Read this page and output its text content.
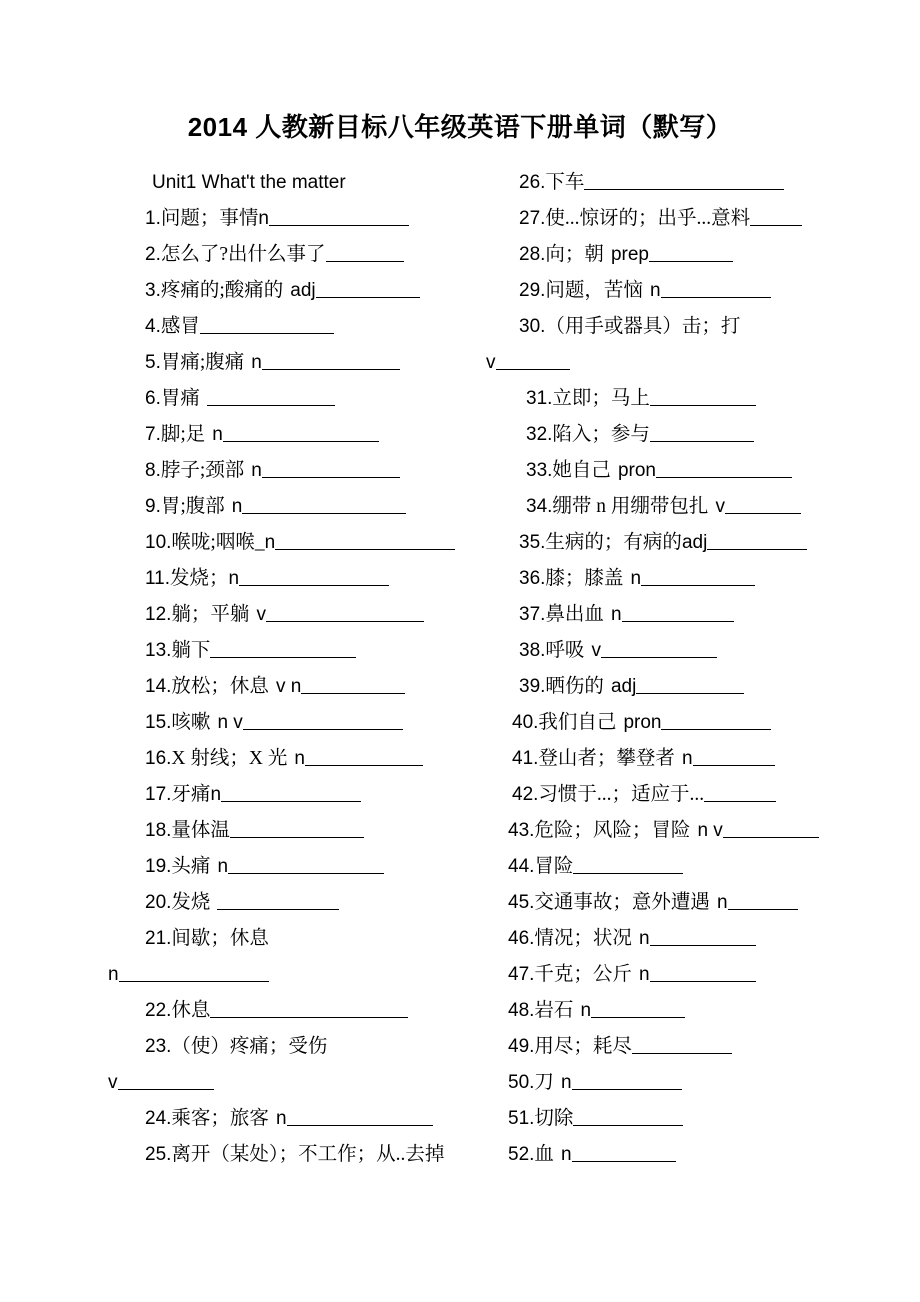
2014 人教新目标八年级英语下册单词（默写）
Unit1 What't the matter
1.问题；事情n
2.怎么了?出什么事了
3.疼痛的;酸痛的 adj
4.感冒
5.胃痛;腹痛 n
6.胃痛
7.脚;足 n
8.脖子;颈部 n
9.胃;腹部 n
10.喉咙;咽喉_n
11.发烧；n
12.躺；平躺 v
13.躺下
14.放松；休息 v n
15.咳嗽 n v
16.X 射线；X 光 n
17.牙痛n
18.量体温
19.头痛 n
20.发烧
21.间歇；休息
n
22.休息
23.（使）疼痛；受伤
v
24.乘客；旅客 n
25.离开（某处）；不工作；从..去掉
26.下车
27.使...惊讶的；出乎...意料
28.向；朝 prep
29.问题，苦恼 n
30.（用手或器具）击；打
v
31.立即；马上
32.陷入；参与
33.她自己 pron
34.绷带 n 用绷带包扎 v
35.生病的；有病的adj
36.膝；膝盖 n
37.鼻出血 n
38.呼吸 v
39.晒伤的 adj
40.我们自己 pron
41.登山者；攀登者 n
42.习惯于...；适应于...
43.危险；风险；冒险 n v
44.冒险
45.交通事故；意外遭遇 n
46.情况；状况 n
47.千克；公斤 n
48.岩石 n
49.用尽；耗尽
50.刀 n
51.切除
52.血 n
